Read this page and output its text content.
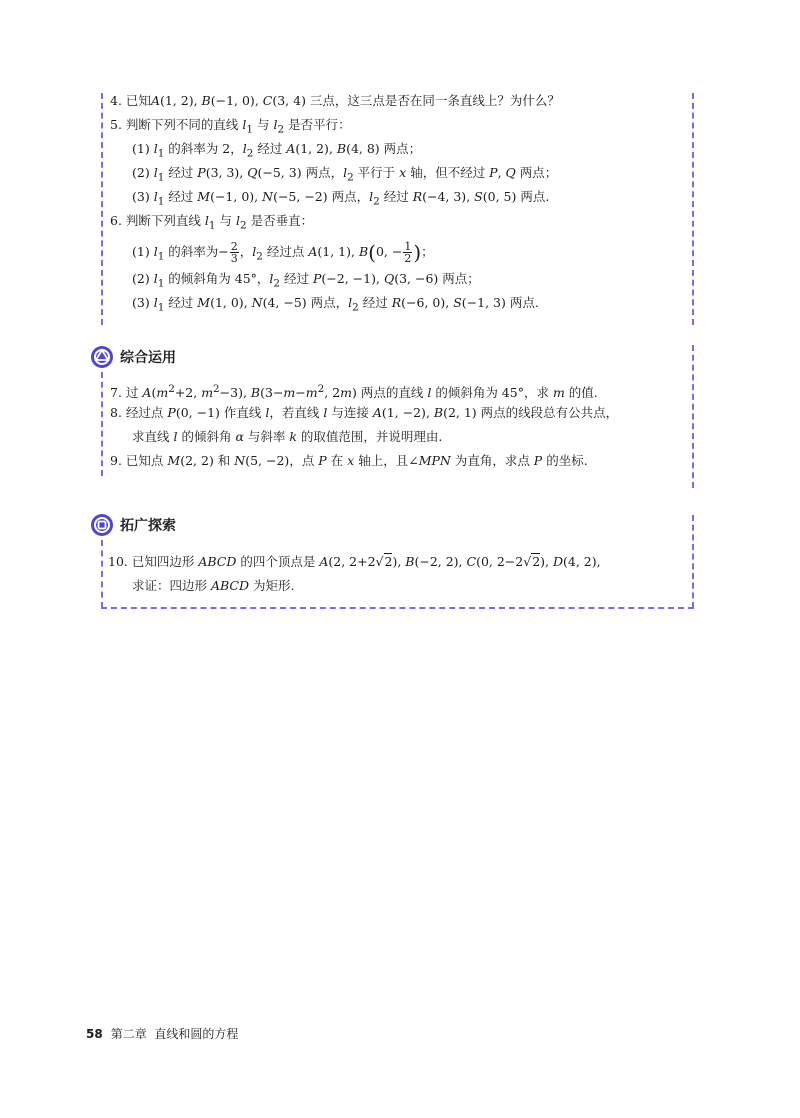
4. 已知A(1, 2), B(−1, 0), C(3, 4) 三点，这三点是否在同一条直线上？为什么？
5. 判断下列不同的直线 $l_1$ 与 $l_2$ 是否平行：
(1) $l_1$ 的斜率为 2，$l_2$ 经过 A(1, 2), B(4, 8) 两点；
(2) $l_1$ 经过 P(3, 3), Q(−5, 3) 两点，$l_2$ 平行于 x 轴，但不经过 P, Q 两点；
(3) $l_1$ 经过 M(−1, 0), N(−5, −2) 两点，$l_2$ 经过 R(−4, 3), S(0, 5) 两点.
6. 判断下列直线 $l_1$ 与 $l_2$ 是否垂直：
(1) $l_1$ 的斜率为− $\frac{2}{3}$ ，$l_2$ 经过点 A(1, 1), B(0, − $\frac{1}{2}$ )；
(2) $l_1$ 的倾斜角为 45°，$l_2$ 经过 P(−2, −1), Q(3, −6) 两点；
(3) $l_1$ 经过 M(1, 0), N(4, −5) 两点，$l_2$ 经过 R(−6, 0), S(−1, 3) 两点.
综合运用
7. 过 $A(m^2+2$, $m^2-3$), $B(3-m-m^2$, 2m) 两点的直线 l 的倾斜角为 45°，求 m 的值.
8. 经过点 P(0, −1) 作直线 l，若直线 l 与连接 A(1, −2), B(2, 1) 两点的线段总有公共点，
求直线 l 的倾斜角 α 与斜率 k 的取值范围，并说明理由.
9. 已知点 M(2, 2) 和 N(5, −2)，点 P 在 x 轴上，且∠MPN 为直角，求点 P 的坐标.
拓广探索
10. 已知四边形 ABCD 的四个顶点是 A(2, 2+2√2), B(−2, 2), C(0, 2−2√2), D(4, 2),
求证：四边形 ABCD 为矩形.
58 第二章 直线和圆的方程
